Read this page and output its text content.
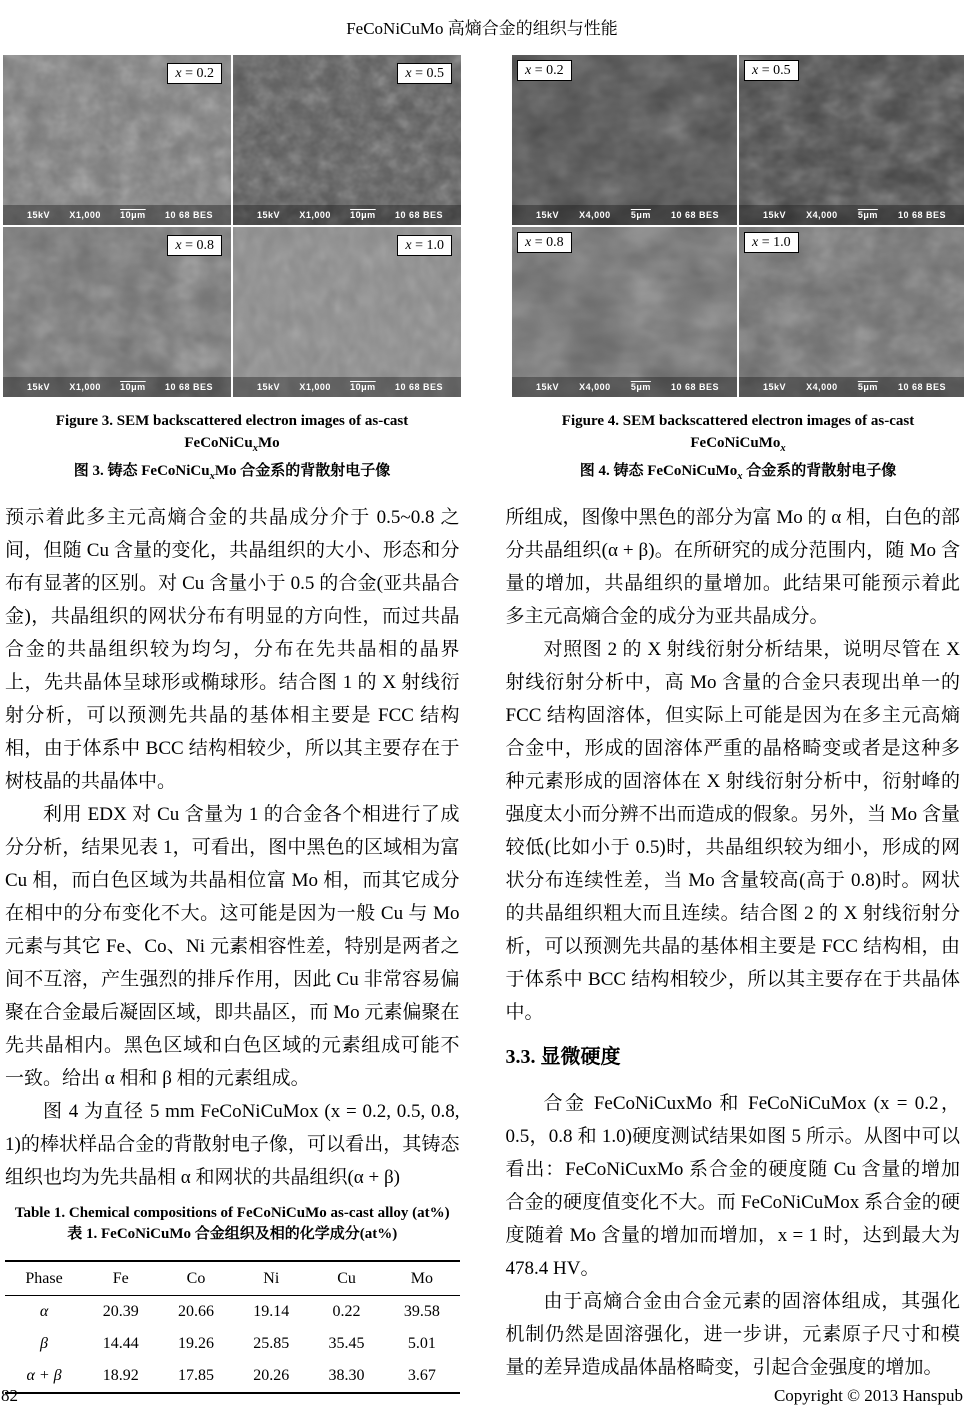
FeCoNiCuMo 高熵合金的组织与性能
x = 0.2
15kV X1,000 10μm 10 68 BES
x = 0.5
15kV X1,000 10μm 10 68 BES
x = 0.8
15kV X1,000 10μm 10 68 BES
x = 1.0
15kV X1,000 10μm 10 68 BES
Figure 3. SEM backscattered electron images of as-cast
FeCoNiCu$_x$Mo
图 3. 铸态 FeCoNiCu$_x$Mo 合金系的背散射电子像
x = 0.2
15kV X4,000 5μm 10 68 BES
x = 0.5
15kV X4,000 5μm 10 68 BES
x = 0.8
15kV X4,000 5μm 10 68 BES
x = 1.0
15kV X4,000 5μm 10 68 BES
Figure 4. SEM backscattered electron images of as-cast
FeCoNiCuMo$_x$
图 4. 铸态 FeCoNiCuMo$_x$ 合金系的背散射电子像

预示着此多主元高熵合金的共晶成分介于 0.5~0.8 之间，但随 Cu 含量的变化，共晶组织的大小、形态和分布有显著的区别。对 Cu 含量小于 0.5 的合金(亚共晶合金)，共晶组织的网状分布有明显的方向性，而过共晶合金的共晶组织较为均匀，分布在先共晶相的晶界上，先共晶体呈球形或椭球形。结合图 1 的 X 射线衍射分析，可以预测先共晶的基体相主要是 FCC 结构相，由于体系中 BCC 结构相较少，所以其主要存在于树枝晶的共晶体中。

利用 EDX 对 Cu 含量为 1 的合金各个相进行了成分分析，结果见表 1，可看出，图中黑色的区域相为富 Cu 相，而白色区域为共晶相位富 Mo 相，而其它成分在相中的分布变化不大。这可能是因为一般 Cu 与 Mo 元素与其它 Fe、Co、Ni 元素相容性差，特别是两者之间不互溶，产生强烈的排斥作用，因此 Cu 非常容易偏聚在合金最后凝固区域，即共晶区，而 Mo 元素偏聚在先共晶相内。黑色区域和白色区域的元素组成可能不一致。给出 α 相和 β 相的元素组成。

图 4 为直径 5 mm FeCoNiCuMox (x = 0.2, 0.5, 0.8, 1)的棒状样品合金的背散射电子像，可以看出，其铸态组织也均为先共晶相 α 和网状的共晶组织(α + β)

Table 1. Chemical compositions of FeCoNiCuMo as-cast alloy (at%)
表 1. FeCoNiCuMo 合金组织及相的化学成分(at%)
Phase	Fe	Co	Ni	Cu	Mo
α	20.39	20.66	19.14	0.22	39.58
β	14.44	19.26	25.85	35.45	5.01
α + β	18.92	17.85	20.26	38.30	3.67

所组成，图像中黑色的部分为富 Mo 的 α 相，白色的部分共晶组织(α + β)。在所研究的成分范围内，随 Mo 含量的增加，共晶组织的量增加。此结果可能预示着此多主元高熵合金的成分为亚共晶成分。

对照图 2 的 X 射线衍射分析结果，说明尽管在 X 射线衍射分析中，高 Mo 含量的合金只表现出单一的 FCC 结构固溶体，但实际上可能是因为在多主元高熵合金中，形成的固溶体严重的晶格畸变或者是这种多种元素形成的固溶体在 X 射线衍射分析中，衍射峰的强度太小而分辨不出而造成的假象。另外，当 Mo 含量较低(比如小于 0.5)时，共晶组织较为细小，形成的网状分布连续性差，当 Mo 含量较高(高于 0.8)时。网状的共晶组织粗大而且连续。结合图 2 的 X 射线衍射分析，可以预测先共晶的基体相主要是 FCC 结构相，由于体系中 BCC 结构相较少，所以其主要存在于共晶体中。

3.3. 显微硬度

合金 FeCoNiCuxMo 和 FeCoNiCuMox (x = 0.2，0.5，0.8 和 1.0)硬度测试结果如图 5 所示。从图中可以看出：FeCoNiCuxMo 系合金的硬度随 Cu 含量的增加合金的硬度值变化不大。而 FeCoNiCuMox 系合金的硬度随着 Mo 含量的增加而增加，x = 1 时，达到最大为 478.4 HV。

由于高熵合金由合金元素的固溶体组成，其强化机制仍然是固溶强化，进一步讲，元素原子尺寸和模量的差异造成晶体晶格畸变，引起合金强度的增加。

82	Copyright © 2013 Hanspub
